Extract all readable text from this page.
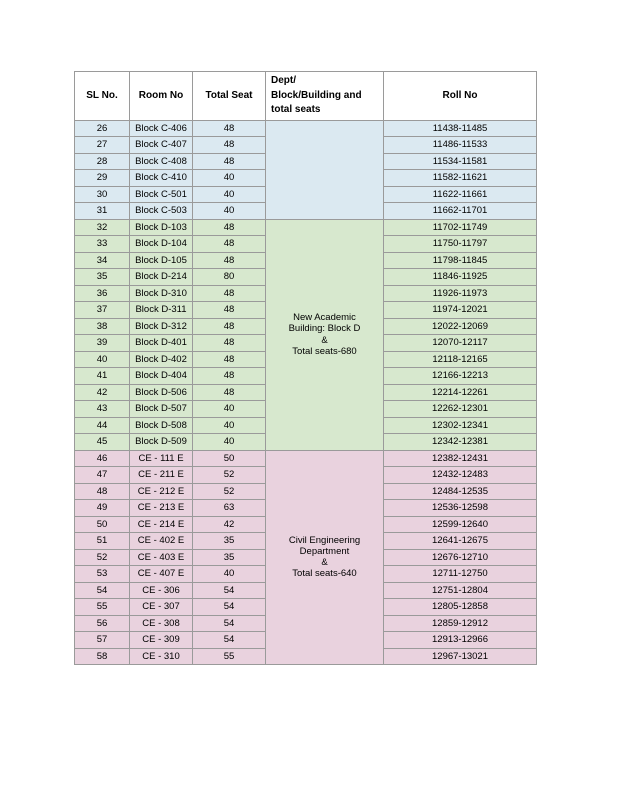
SL No.	Room No	Total Seat	Dept/
Block/Building and
total seats	Roll No
26	Block C-406	48		11438-11485
27	Block C-407	48		11486-11533
28	Block C-408	48		11534-11581
29	Block C-410	40		11582-11621
30	Block C-501	40		11622-11661
31	Block C-503	40		11662-11701
32	Block D-103	48	New Academic
Building: Block D
&
Total seats-680	11702-11749
33	Block D-104	48		11750-11797
34	Block D-105	48		11798-11845
35	Block D-214	80		11846-11925
36	Block D-310	48		11926-11973
37	Block D-311	48		11974-12021
38	Block D-312	48		12022-12069
39	Block D-401	48		12070-12117
40	Block D-402	48		12118-12165
41	Block D-404	48		12166-12213
42	Block D-506	48		12214-12261
43	Block D-507	40		12262-12301
44	Block D-508	40		12302-12341
45	Block D-509	40		12342-12381
46	CE - 111 E	50	Civil Engineering
Department
&
Total seats-640	12382-12431
47	CE - 211 E	52		12432-12483
48	CE - 212 E	52		12484-12535
49	CE - 213 E	63		12536-12598
50	CE - 214 E	42		12599-12640
51	CE - 402 E	35		12641-12675
52	CE - 403 E	35		12676-12710
53	CE - 407 E	40		12711-12750
54	CE - 306	54		12751-12804
55	CE - 307	54		12805-12858
56	CE - 308	54		12859-12912
57	CE - 309	54		12913-12966
58	CE - 310	55		12967-13021
